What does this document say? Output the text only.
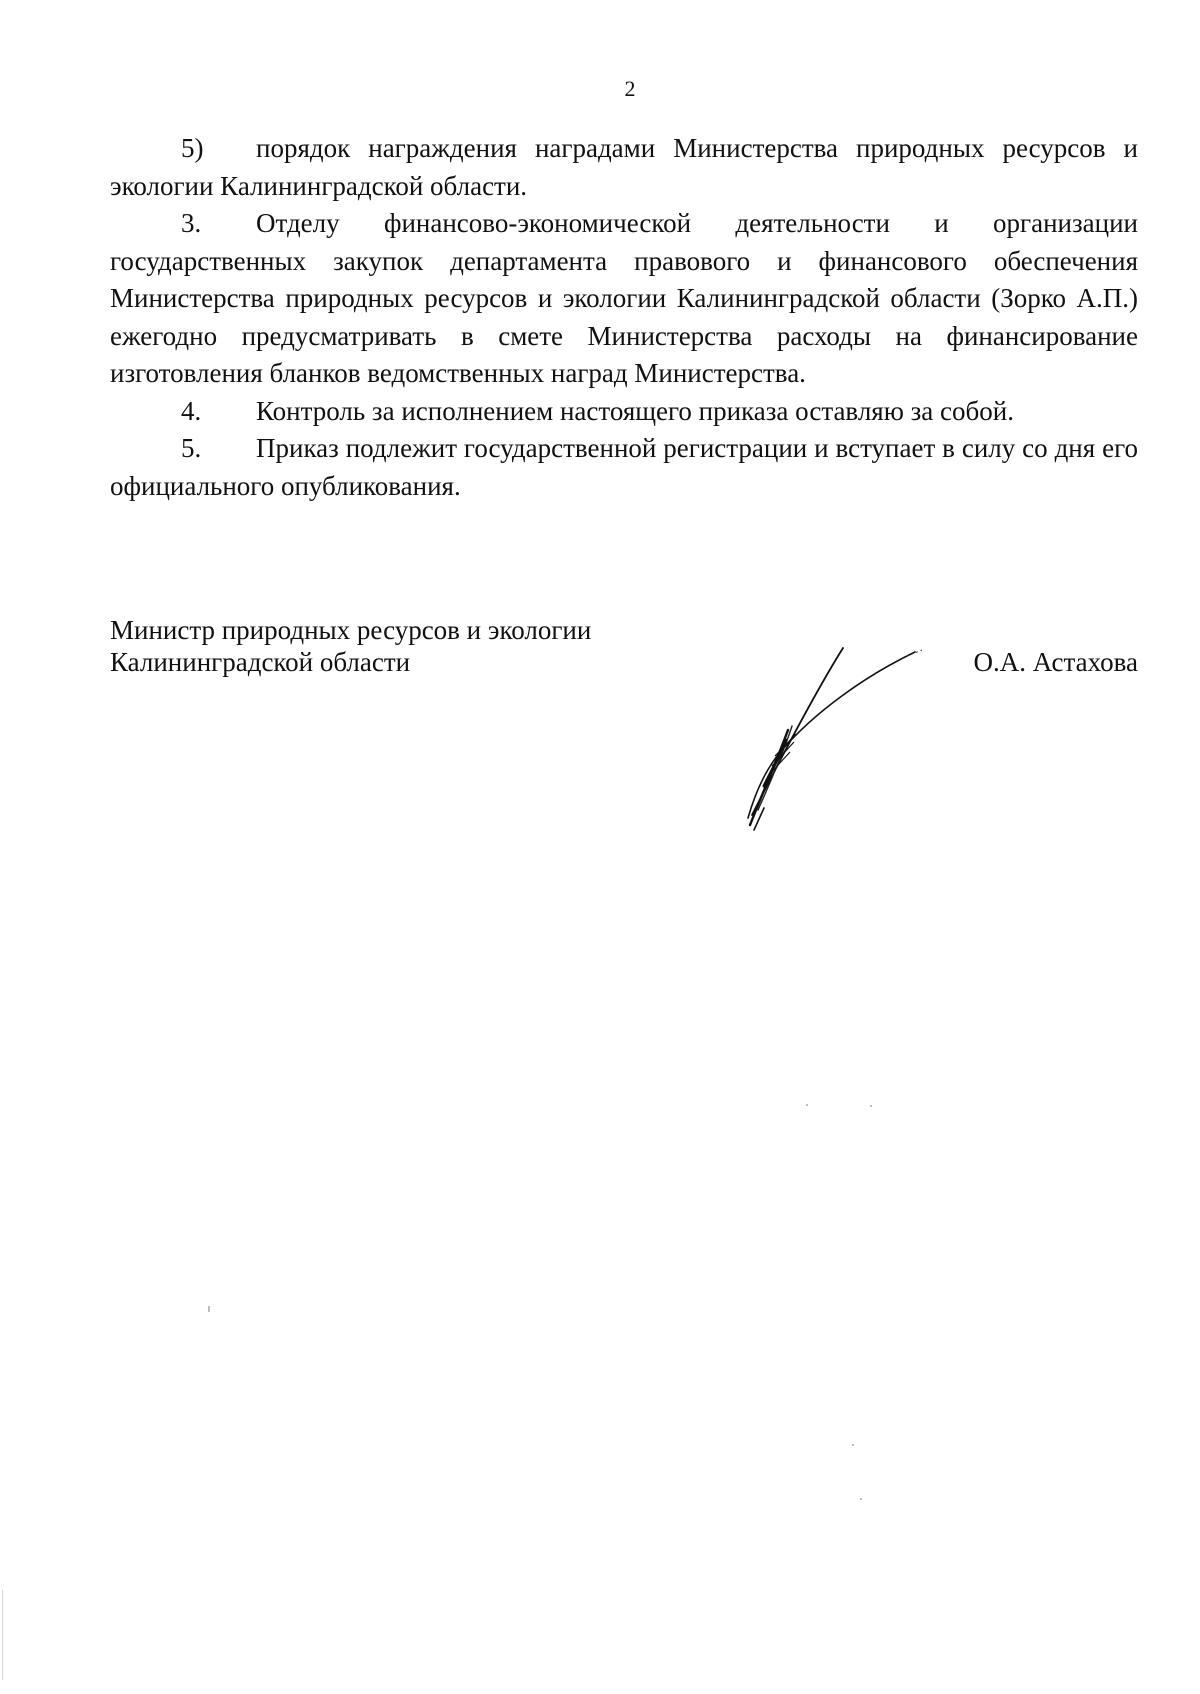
2

5) порядок награждения наградами Министерства природных ресурсов и экологии Калининградской области.

3. Отделу финансово-экономической деятельности и организации государственных закупок департамента правового и финансового обеспечения Министерства природных ресурсов и экологии Калининградской области (Зорко А.П.) ежегодно предусматривать в смете Министерства расходы на финансирование изготовления бланков ведомственных наград Министерства.

4. Контроль за исполнением настоящего приказа оставляю за собой.

5. Приказ подлежит государственной регистрации и вступает в силу со дня его официального опубликования.

Министр природных ресурсов и экологии

Калининградской области	О.А. Астахова
